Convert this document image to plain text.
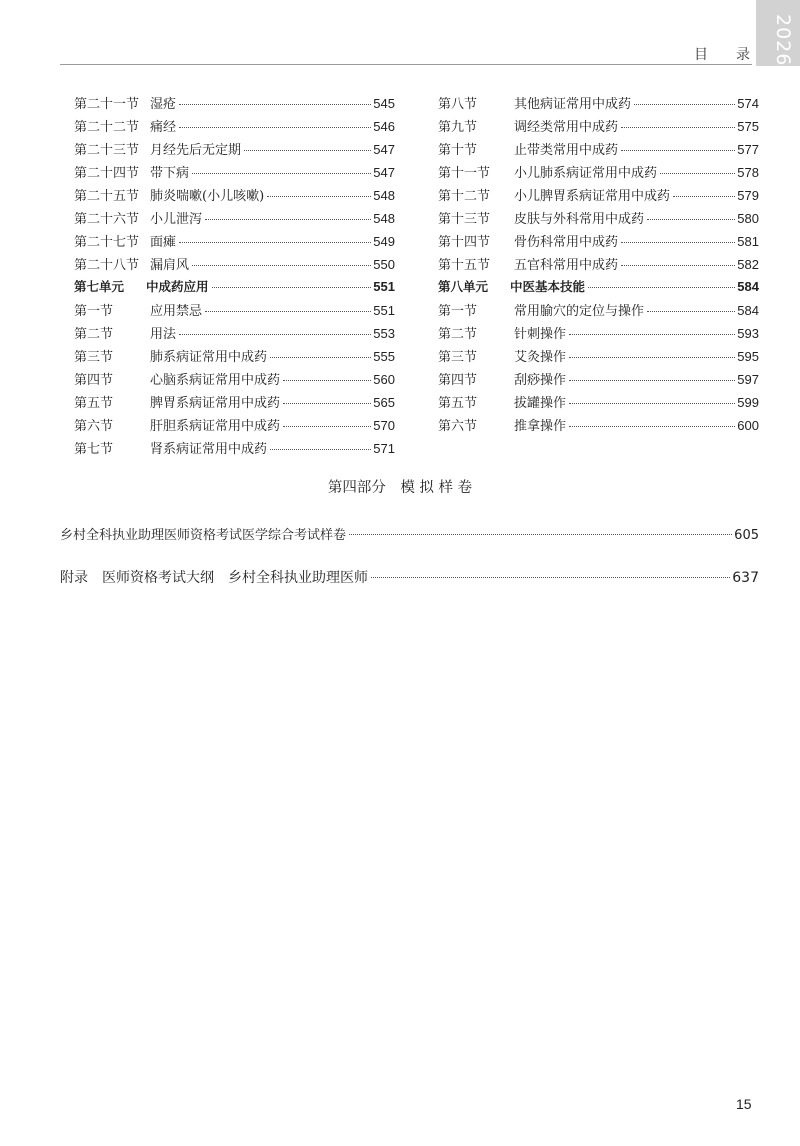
2026
目 录
第二十一节 湿疮	545
第二十二节 痛经	546
第二十三节 月经先后无定期	547
第二十四节 带下病	547
第二十五节 肺炎喘嗽(小儿咳嗽)	548
第二十六节 小儿泄泻	548
第二十七节 面瘫	549
第二十八节 漏肩风	550
第七单元	中成药应用	551
第一节	应用禁忌	551
第二节	用法	553
第三节	肺系病证常用中成药	555
第四节	心脑系病证常用中成药	560
第五节	脾胃系病证常用中成药	565
第六节	肝胆系病证常用中成药	570
第七节	肾系病证常用中成药	571
第八节	其他病证常用中成药	574
第九节	调经类常用中成药	575
第十节	止带类常用中成药	577
第十一节	小儿肺系病证常用中成药	578
第十二节	小儿脾胃系病证常用中成药	579
第十三节	皮肤与外科常用中成药	580
第十四节	骨伤科常用中成药	581
第十五节	五官科常用中成药	582
第八单元	中医基本技能	584
第一节	常用腧穴的定位与操作	584
第二节	针刺操作	593
第三节	艾灸操作	595
第四节	刮痧操作	597
第五节	拔罐操作	599
第六节	推拿操作	600
第四部分　模 拟 样 卷
乡村全科执业助理医师资格考试医学综合考试样卷	605
附录　医师资格考试大纲　乡村全科执业助理医师	637
15
